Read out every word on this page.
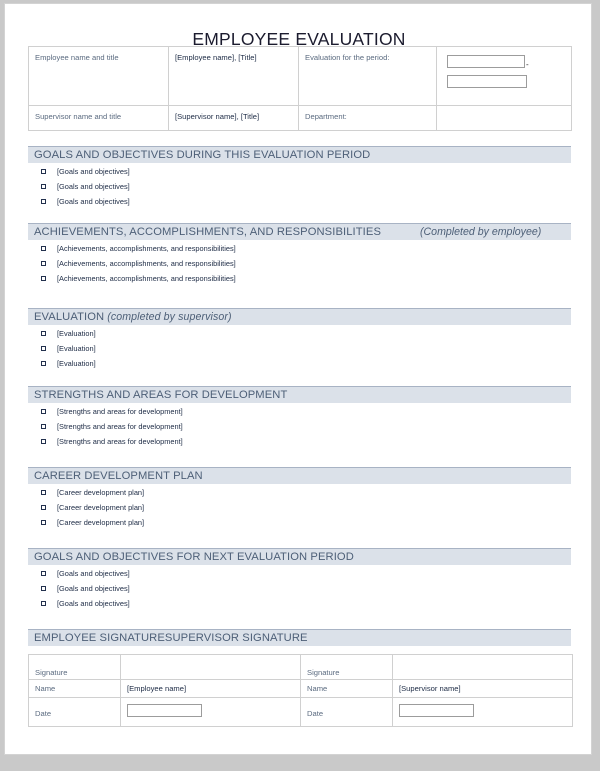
EMPLOYEE EVALUATION
Employee name and title	[Employee name], [Title]	Evaluation for the period:	-

Supervisor name and title	[Supervisor name], [Title]	Department:	
GOALS AND OBJECTIVES DURING THIS EVALUATION PERIOD
[Goals and objectives]
[Goals and objectives]
[Goals and objectives]
ACHIEVEMENTS, ACCOMPLISHMENTS, AND RESPONSIBILITIES	(Completed by employee)
[Achievements, accomplishments, and responsibilities]
[Achievements, accomplishments, and responsibilities]
[Achievements, accomplishments, and responsibilities]
EVALUATION (completed by supervisor)
[Evaluation]
[Evaluation]
[Evaluation]
STRENGTHS AND AREAS FOR DEVELOPMENT
[Strengths and areas for development]
[Strengths and areas for development]
[Strengths and areas for development]
CAREER DEVELOPMENT PLAN
[Career development plan]
[Career development plan]
[Career development plan]
GOALS AND OBJECTIVES FOR NEXT EVALUATION PERIOD
[Goals and objectives]
[Goals and objectives]
[Goals and objectives]
EMPLOYEE SIGNATURESUPERVISOR SIGNATURE
Signature		Signature	
Name	[Employee name]	Name	[Supervisor name]
Date		Date	
